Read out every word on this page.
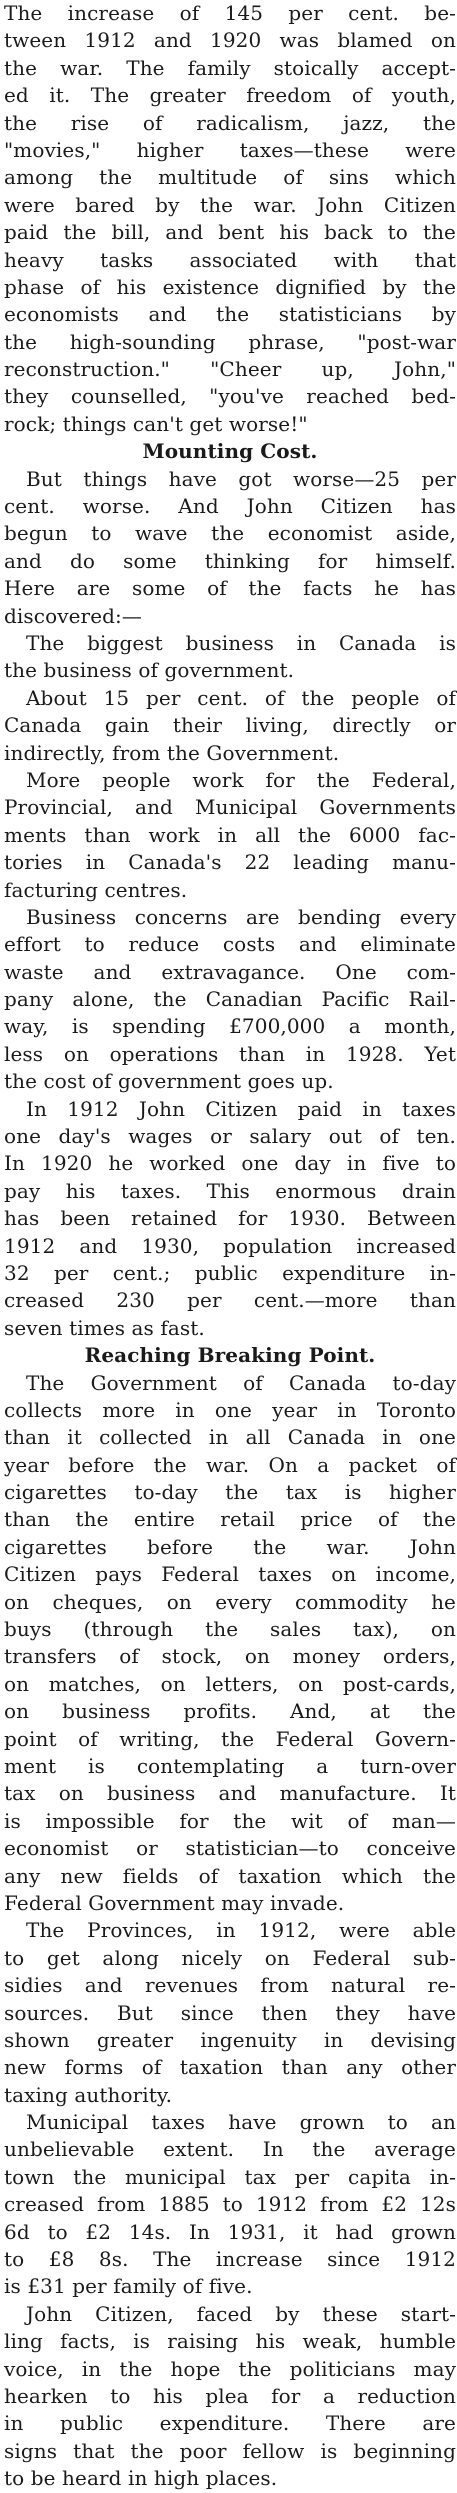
The increase of 145 per cent. be-
tween 1912 and 1920 was blamed on
the war. The family stoically accept-
ed it. The greater freedom of youth,
the rise of radicalism, jazz, the
"movies," higher taxes—these were
among the multitude of sins which
were bared by the war. John Citizen
paid the bill, and bent his back to the
heavy tasks associated with that
phase of his existence dignified by the
economists and the statisticians by
the high-sounding phrase, "post-war
reconstruction." "Cheer up, John,"
they counselled, "you've reached bed-
rock; things can't get worse!"
Mounting Cost.
But things have got worse—25 per
cent. worse. And John Citizen has
begun to wave the economist aside,
and do some thinking for himself.
Here are some of the facts he has
discovered:—
The biggest business in Canada is
the business of government.
About 15 per cent. of the people of
Canada gain their living, directly or
indirectly, from the Government.
More people work for the Federal,
Provincial, and Municipal Governments
ments than work in all the 6000 fac-
tories in Canada's 22 leading manu-
facturing centres.
Business concerns are bending every
effort to reduce costs and eliminate
waste and extravagance. One com-
pany alone, the Canadian Pacific Rail-
way, is spending £700,000 a month,
less on operations than in 1928. Yet
the cost of government goes up.
In 1912 John Citizen paid in taxes
one day's wages or salary out of ten.
In 1920 he worked one day in five to
pay his taxes. This enormous drain
has been retained for 1930. Between
1912 and 1930, population increased
32 per cent.; public expenditure in-
creased 230 per cent.—more than
seven times as fast.
Reaching Breaking Point.
The Government of Canada to-day
collects more in one year in Toronto
than it collected in all Canada in one
year before the war. On a packet of
cigarettes to-day the tax is higher
than the entire retail price of the
cigarettes before the war. John
Citizen pays Federal taxes on income,
on cheques, on every commodity he
buys (through the sales tax), on
transfers of stock, on money orders,
on matches, on letters, on post-cards,
on business profits. And, at the
point of writing, the Federal Govern-
ment is contemplating a turn-over
tax on business and manufacture. It
is impossible for the wit of man—
economist or statistician—to conceive
any new fields of taxation which the
Federal Government may invade.
The Provinces, in 1912, were able
to get along nicely on Federal sub-
sidies and revenues from natural re-
sources. But since then they have
shown greater ingenuity in devising
new forms of taxation than any other
taxing authority.
Municipal taxes have grown to an
unbelievable extent. In the average
town the municipal tax per capita in-
creased from 1885 to 1912 from £2 12s
6d to £2 14s. In 1931, it had grown
to £8 8s. The increase since 1912
is £31 per family of five.
John Citizen, faced by these start-
ling facts, is raising his weak, humble
voice, in the hope the politicians may
hearken to his plea for a reduction
in public expenditure. There are
signs that the poor fellow is beginning
to be heard in high places.
